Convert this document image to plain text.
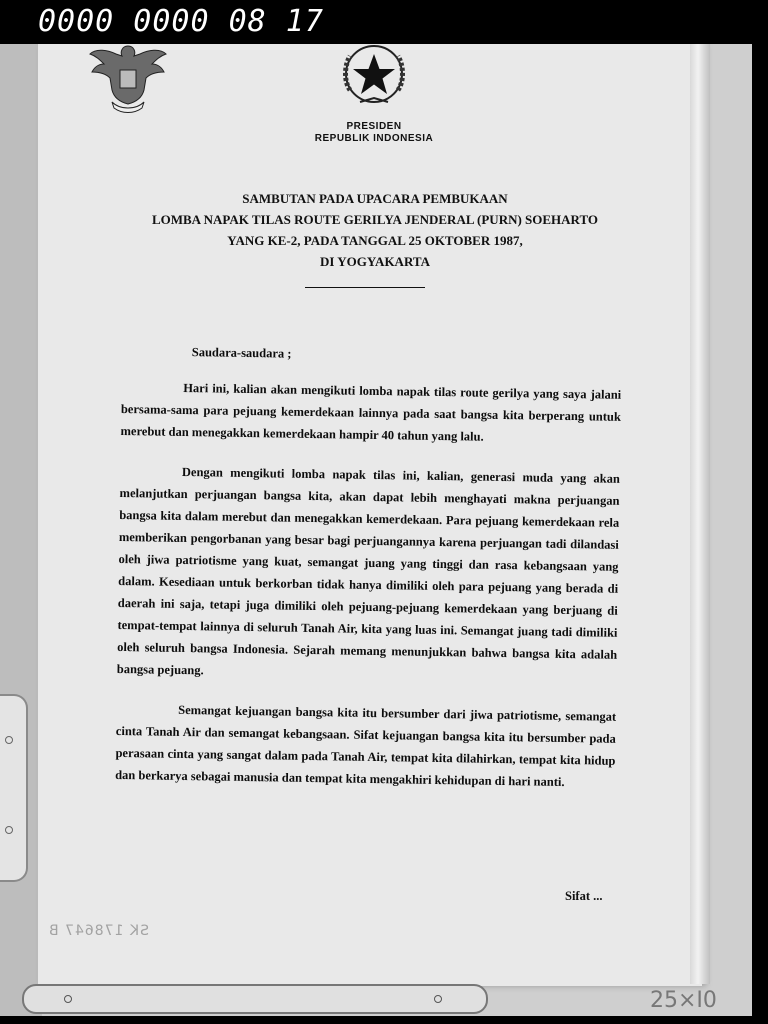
0000 0000 08 17
PRESIDEN
REPUBLIK INDONESIA
SAMBUTAN PADA UPACARA PEMBUKAAN
LOMBA NAPAK TILAS ROUTE GERILYA JENDERAL (PURN) SOEHARTO
YANG KE-2, PADA TANGGAL 25 OKTOBER 1987,
DI YOGYAKARTA
Saudara-saudara ;

Hari ini, kalian akan mengikuti lomba napak tilas route gerilya yang saya jalani bersama-sama para pejuang kemerdekaan lainnya pada saat bangsa kita berperang untuk merebut dan menegakkan kemerdekaan hampir 40 tahun yang lalu.

Dengan mengikuti lomba napak tilas ini, kalian, generasi muda yang akan melanjutkan perjuangan bangsa kita, akan dapat lebih menghayati makna perjuangan bangsa kita dalam merebut dan menegakkan kemerdekaan. Para pejuang kemerdekaan rela memberikan pengorbanan yang besar bagi perjuangannya karena perjuangan tadi dilandasi oleh jiwa patriotisme yang kuat, semangat juang yang tinggi dan rasa kebangsaan yang dalam. Kesediaan untuk berkorban tidak hanya dimiliki oleh para pejuang yang berada di daerah ini saja, tetapi juga dimiliki oleh pejuang-pejuang kemerdekaan yang berjuang di tempat-tempat lainnya di seluruh Tanah Air, kita yang luas ini. Semangat juang tadi dimiliki oleh seluruh bangsa Indonesia. Sejarah memang menunjukkan bahwa bangsa kita adalah bangsa pejuang.

Semangat kejuangan bangsa kita itu bersumber dari jiwa patriotisme, semangat cinta Tanah Air dan semangat kebangsaan. Sifat kejuangan bangsa kita itu bersumber pada perasaan cinta yang sangat dalam pada Tanah Air, tempat kita dilahirkan, tempat kita hidup dan berkarya sebagai manusia dan tempat kita mengakhiri kehidupan di hari nanti.

Sifat ...
SK 178647 B
25×I0
